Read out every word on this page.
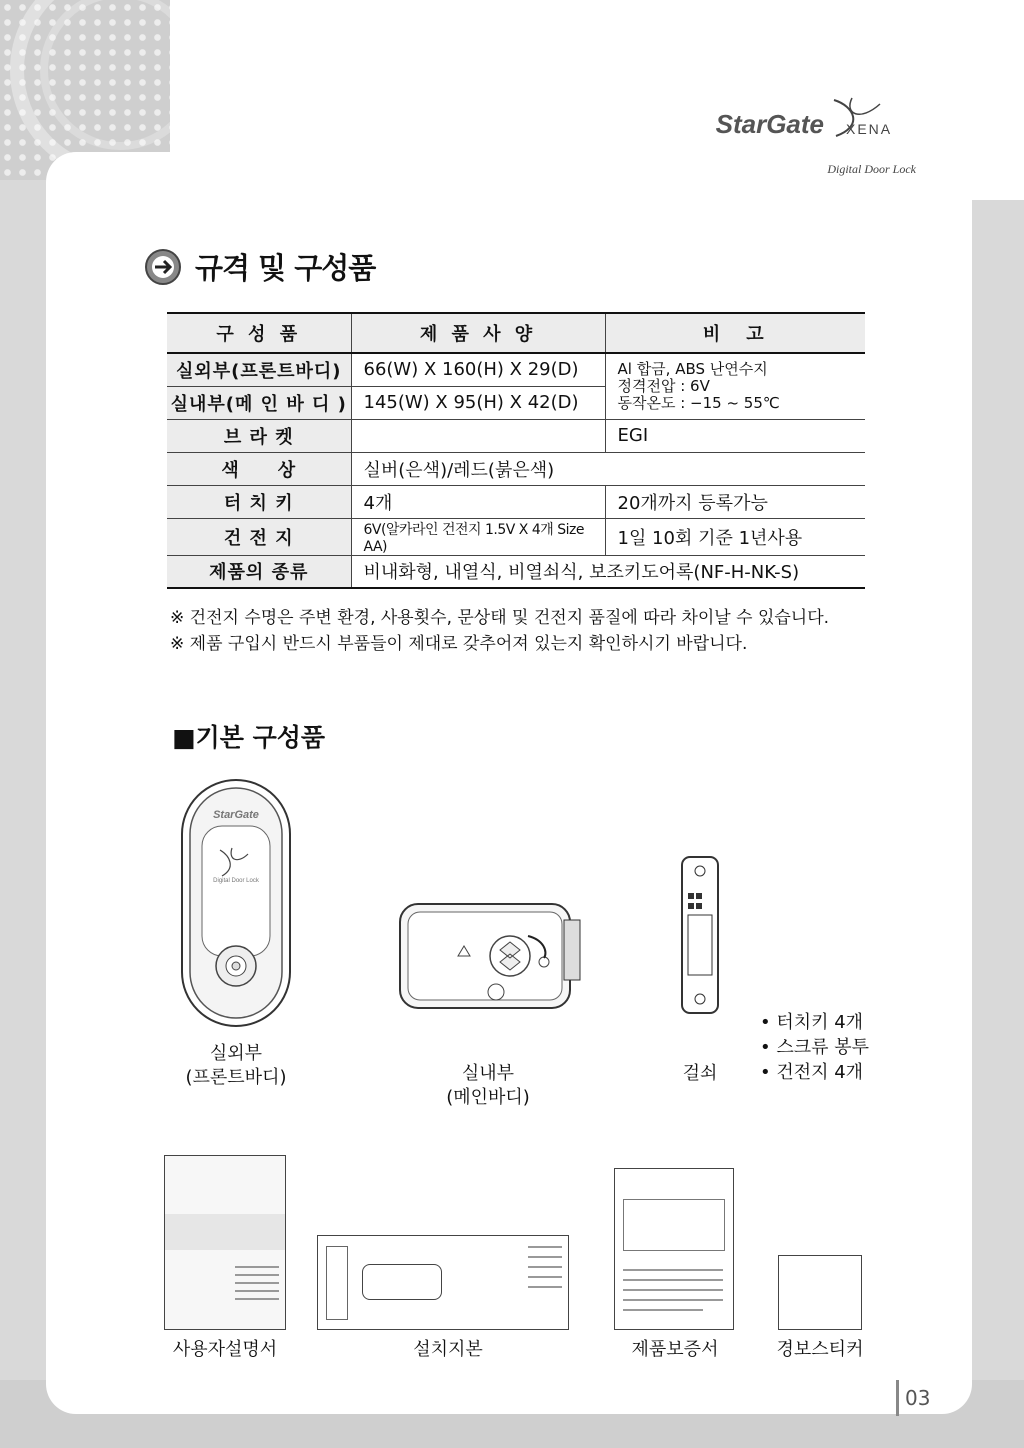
StarGate XENA
Digital Door Lock
규격 및 구성품
구 성 품	제 품 사 양	비　고
실외부(프론트바디)	66(W) X 160(H) X 29(D)	Al 합금, ABS 난연수지
정격전압 : 6V
동작온도 : −15 ~ 55℃

실내부(메 인 바 디 )	145(W) X 95(H) X 42(D)	
브 라 켓		EGI
색　　상	실버(은색)/레드(붉은색)	
터 치 키	4개	20개까지 등록가능
건 전 지	6V(알카라인 건전지 1.5V X 4개 Size AA)	1일 10회 기준 1년사용
제품의 종류	비내화형, 내열식, 비열쇠식, 보조키도어록(NF-H-NK-S)	
※ 건전지 수명은 주변 환경, 사용횟수, 문상태 및 건전지 품질에 따라 차이날 수 있습니다.
※ 제품 구입시 반드시 부품들이 제대로 갖추어져 있는지 확인하시기 바랍니다.
■기본 구성품
StarGate
Digital Door Lock
실외부
(프론트바디)	실내부
(메인바디)
걸쇠
• 터치키 4개
• 스크류 봉투
• 건전지 4개
사용자설명서	설치지본	제품보증서	경보스티커
03
